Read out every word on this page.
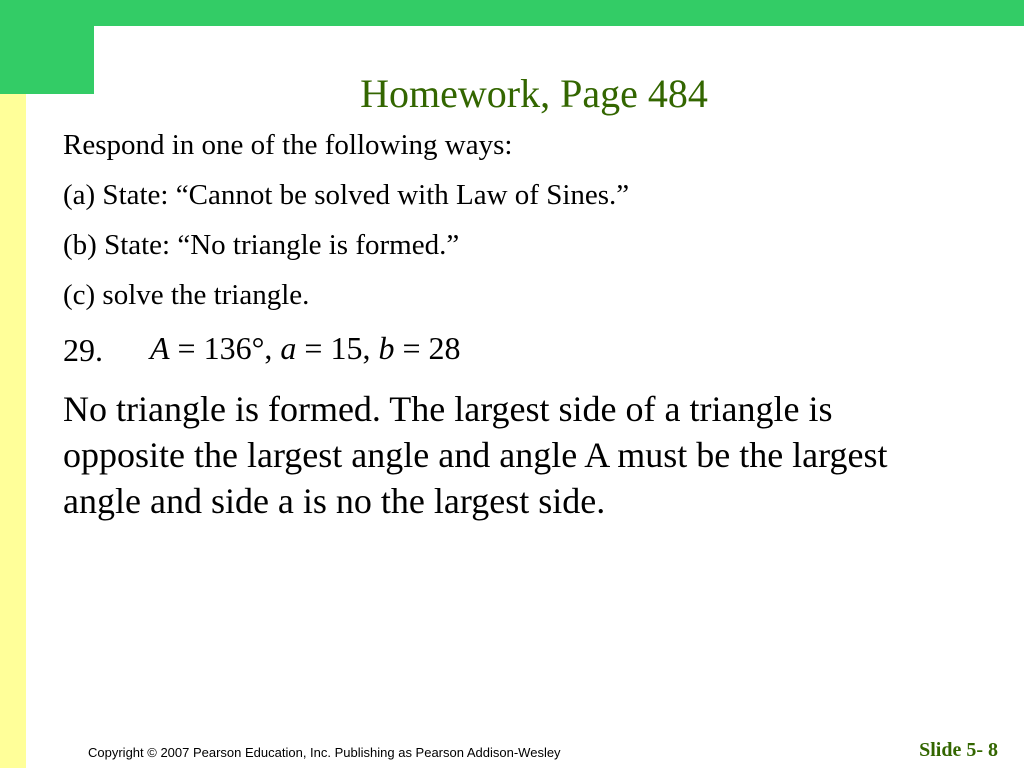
Homework, Page 484
Respond in one of the following ways:
(a) State: “Cannot be solved with Law of Sines.”
(b) State: “No triangle is formed.”
(c) solve the triangle.
29. A = 136°, a = 15, b = 28
No triangle is formed. The largest side of a triangle is opposite the largest angle and angle A must be the largest angle and side a is no the largest side.
Copyright © 2007 Pearson Education, Inc. Publishing as Pearson Addison-Wesley	Slide 5- 8
